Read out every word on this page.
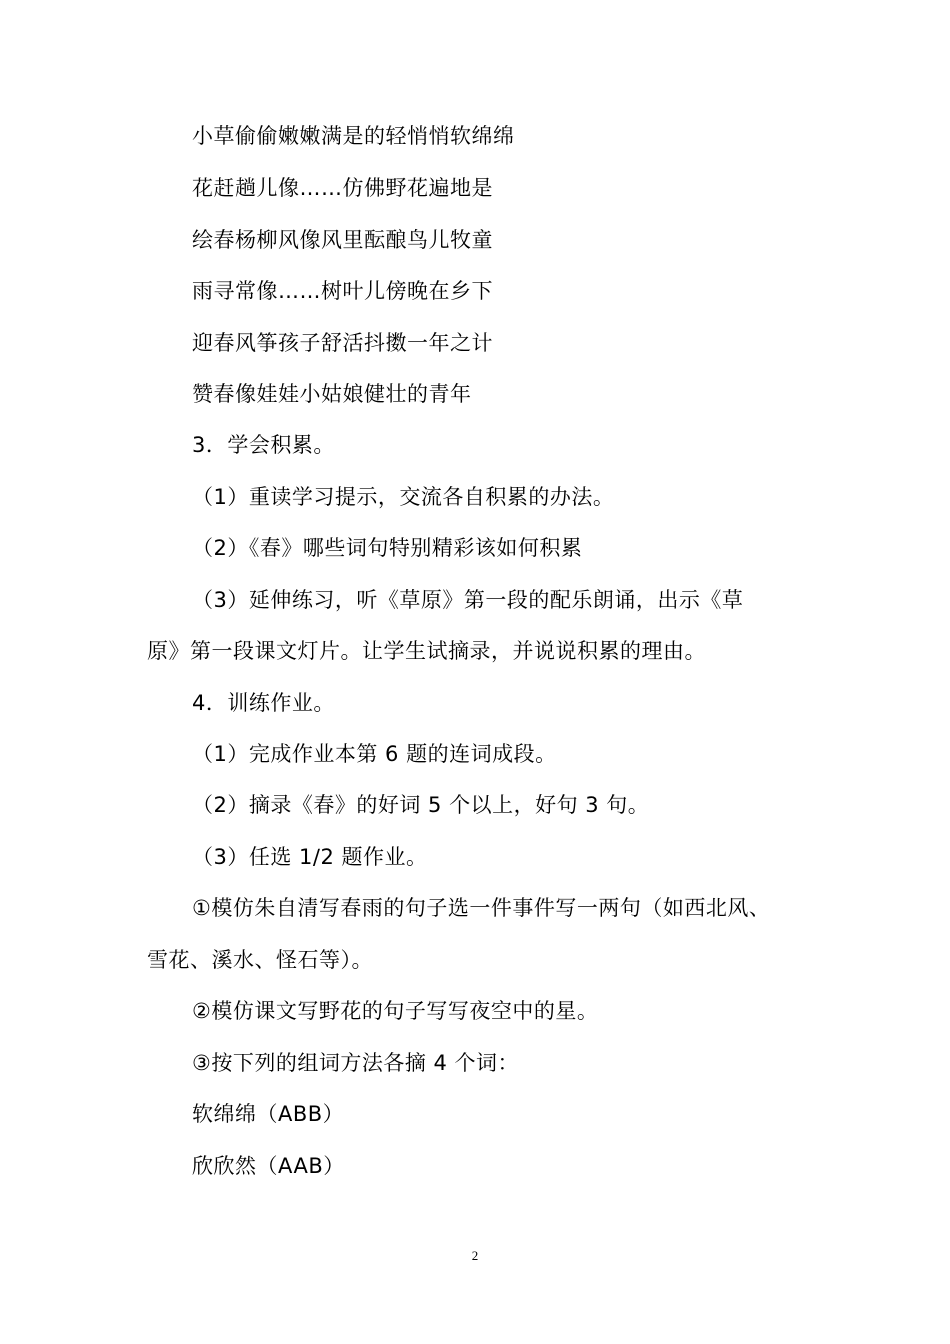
小草偷偷嫩嫩满是的轻悄悄软绵绵
花赶趟儿像……仿佛野花遍地是
绘春杨柳风像风里酝酿鸟儿牧童
雨寻常像……树叶儿傍晚在乡下
迎春风筝孩子舒活抖擞一年之计
赞春像娃娃小姑娘健壮的青年
3．学会积累。
（1）重读学习提示，交流各自积累的办法。
（2）《春》哪些词句特别精彩该如何积累
（3）延伸练习，听《草原》第一段的配乐朗诵，出示《草
原》第一段课文灯片。让学生试摘录，并说说积累的理由。
4．训练作业。
（1）完成作业本第 6 题的连词成段。
（2）摘录《春》的好词 5 个以上，好句 3 句。
（3）任选 1∕2 题作业。
①模仿朱自清写春雨的句子选一件事件写一两句（如西北风、
雪花、溪水、怪石等）。
②模仿课文写野花的句子写写夜空中的星。
③按下列的组词方法各摘 4 个词：
软绵绵（ABB）
欣欣然（AAB）
2
